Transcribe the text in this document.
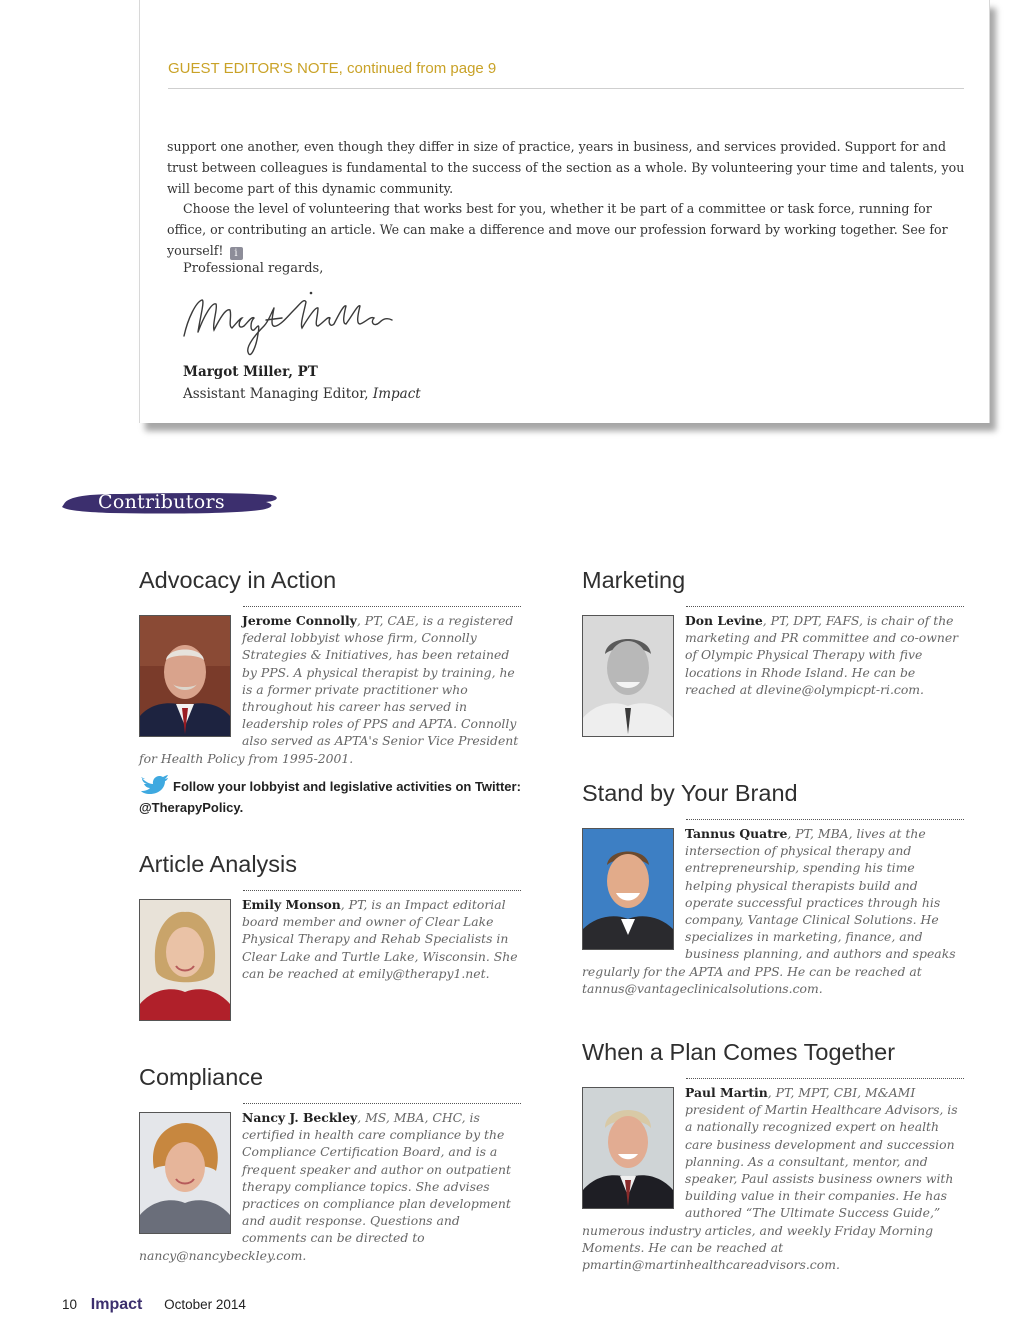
GUEST EDITOR'S NOTE, continued from page 9

support one another, even though they differ in size of practice, years in business, and services provided. Support for and trust between colleagues is fundamental to the success of the section as a whole. By volunteering your time and talents, you will become part of this dynamic community.

Choose the level of volunteering that works best for you, whether it be part of a committee or task force, running for office, or contributing an article. We can make a difference and move our profession forward by working together. See for yourself! i

Professional regards,
Margot Miller, PT
Assistant Managing Editor, Impact
Contributors
Advocacy in Action
Jerome Connolly, PT, CAE, is a registered federal lobbyist whose firm, Connolly Strategies & Initiatives, has been retained by PPS. A physical therapist by training, he is a former private practitioner who throughout his career has served in leadership roles of PPS and APTA. Connolly also served as APTA's Senior Vice President for Health Policy from 1995-2001.
Follow your lobbyist and legislative activities on Twitter: @TherapyPolicy.
Article Analysis
Emily Monson, PT, is an Impact editorial board member and owner of Clear Lake Physical Therapy and Rehab Specialists in Clear Lake and Turtle Lake, Wisconsin. She can be reached at emily@therapy1.net.
Compliance
Nancy J. Beckley, MS, MBA, CHC, is certified in health care compliance by the Compliance Certification Board, and is a frequent speaker and author on outpatient therapy compliance topics. She advises practices on compliance plan development and audit response. Questions and comments can be directed to nancy@nancybeckley.com.
Marketing
Don Levine, PT, DPT, FAFS, is chair of the marketing and PR committee and co-owner of Olympic Physical Therapy with five locations in Rhode Island. He can be reached at dlevine@olympicpt-ri.com.
Stand by Your Brand
Tannus Quatre, PT, MBA, lives at the intersection of physical therapy and entrepreneurship, spending his time helping physical therapists build and operate successful practices through his company, Vantage Clinical Solutions. He specializes in marketing, finance, and business planning, and authors and speaks regularly for the APTA and PPS. He can be reached at tannus@vantageclinicalsolutions.com.
When a Plan Comes Together
Paul Martin, PT, MPT, CBI, M&AMI president of Martin Healthcare Advisors, is a nationally recognized expert on health care business development and succession planning. As a consultant, mentor, and speaker, Paul assists business owners with building value in their companies. He has authored “The Ultimate Success Guide,” numerous industry articles, and weekly Friday Morning Moments. He can be reached at pmartin@martinhealthcareadvisors.com.
10 Impact October 2014
